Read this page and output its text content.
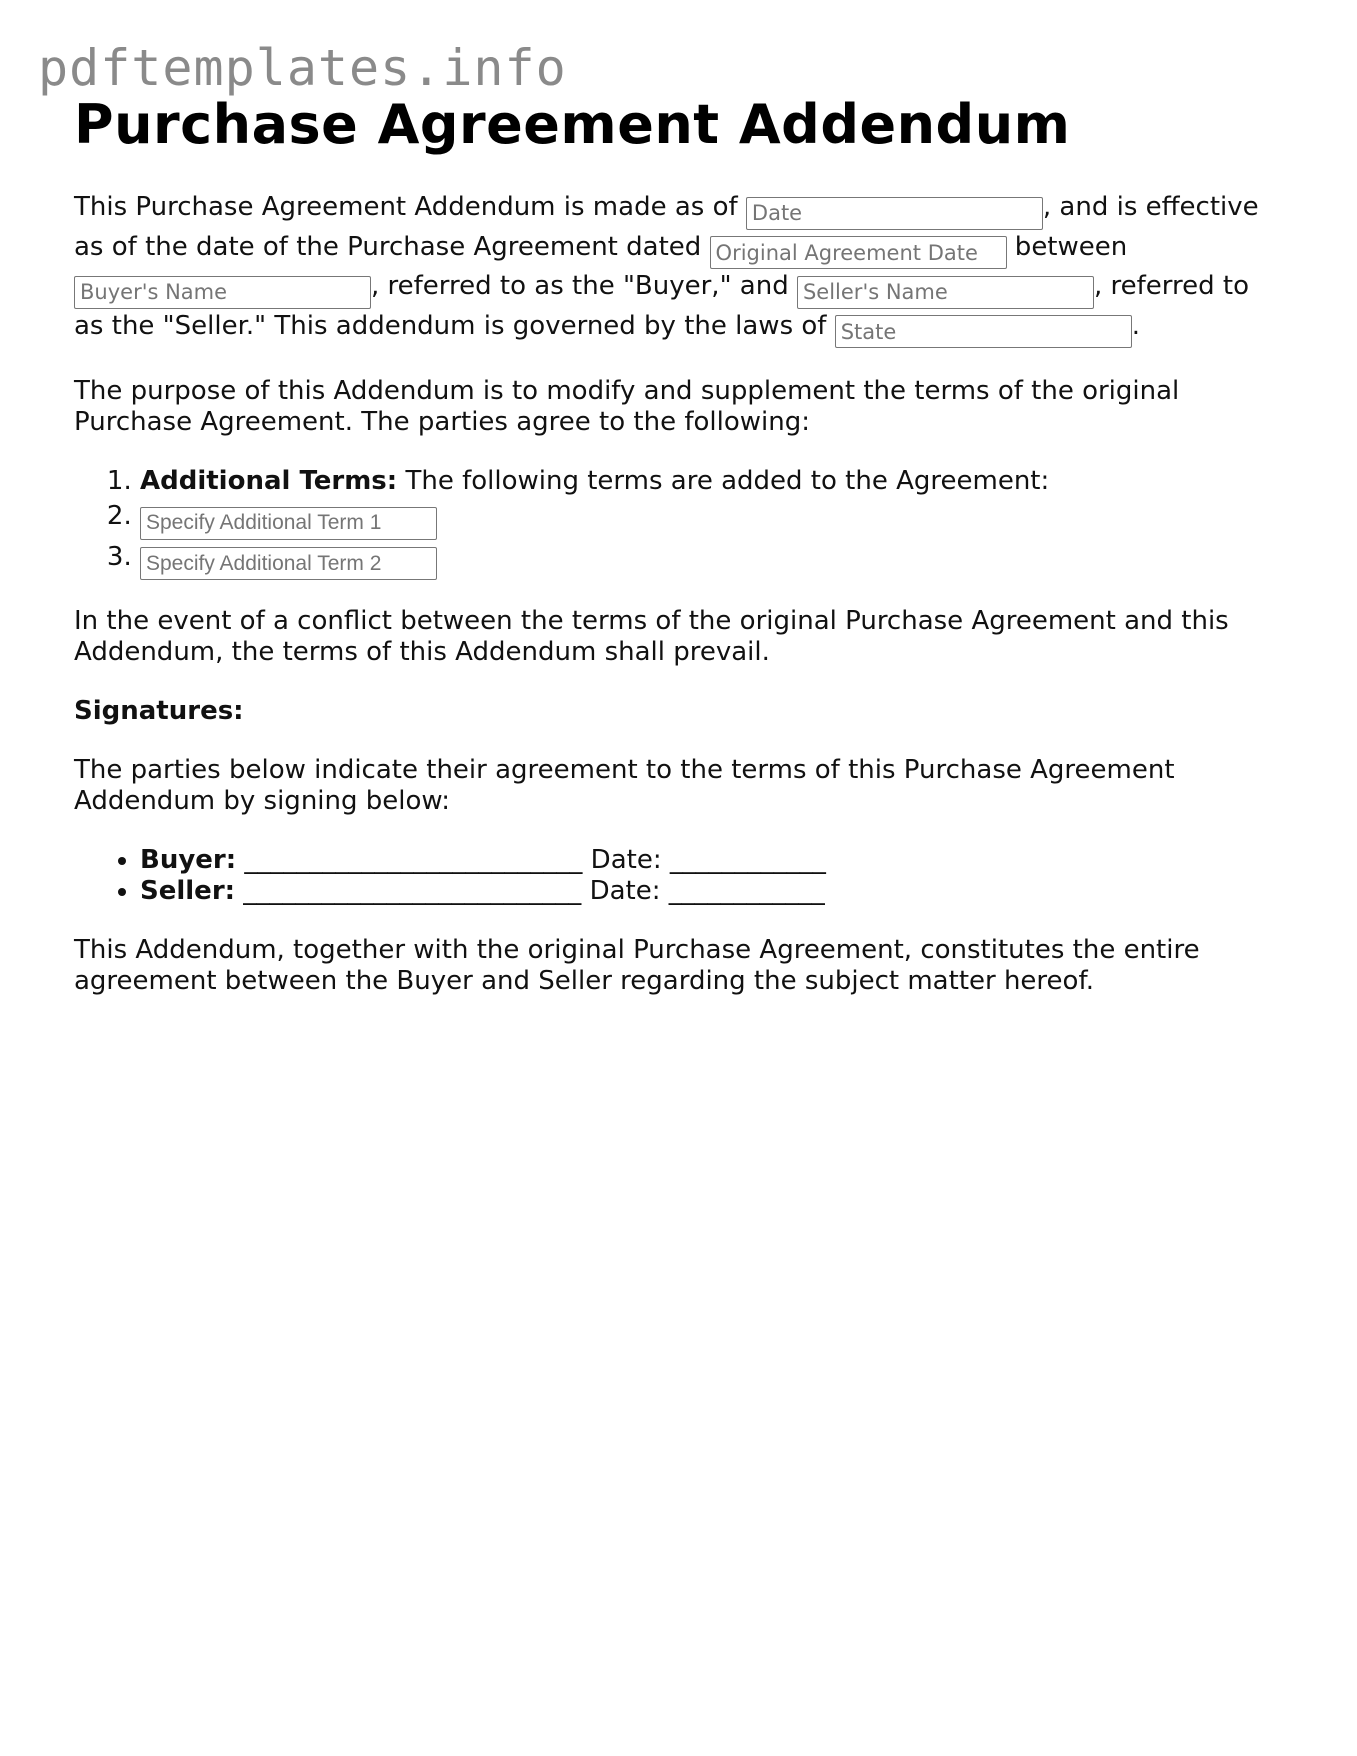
pdftemplates.info
Purchase Agreement Addendum

This Purchase Agreement Addendum is made as of Date	, and is effective as of the date of the Purchase Agreement dated Original Agreement Date	between Buyer's Name, referred to as the "Buyer," and Seller's Name	, referred to as the "Seller." This addendum is governed by the laws of State	.

The purpose of this Addendum is to modify and supplement the terms of the original Purchase Agreement. The parties agree to the following:

1. Additional Terms: The following terms are added to the Agreement:
2. Specify Additional Term 1
3. Specify Additional Term 2

In the event of a conflict between the terms of the original Purchase Agreement and this Addendum, the terms of this Addendum shall prevail.

Signatures:

The parties below indicate their agreement to the terms of this Purchase Agreement Addendum by signing below:

• Buyer: __________________________ Date: ____________
• Seller: __________________________ Date: ____________

This Addendum, together with the original Purchase Agreement, constitutes the entire agreement between the Buyer and Seller regarding the subject matter hereof.
